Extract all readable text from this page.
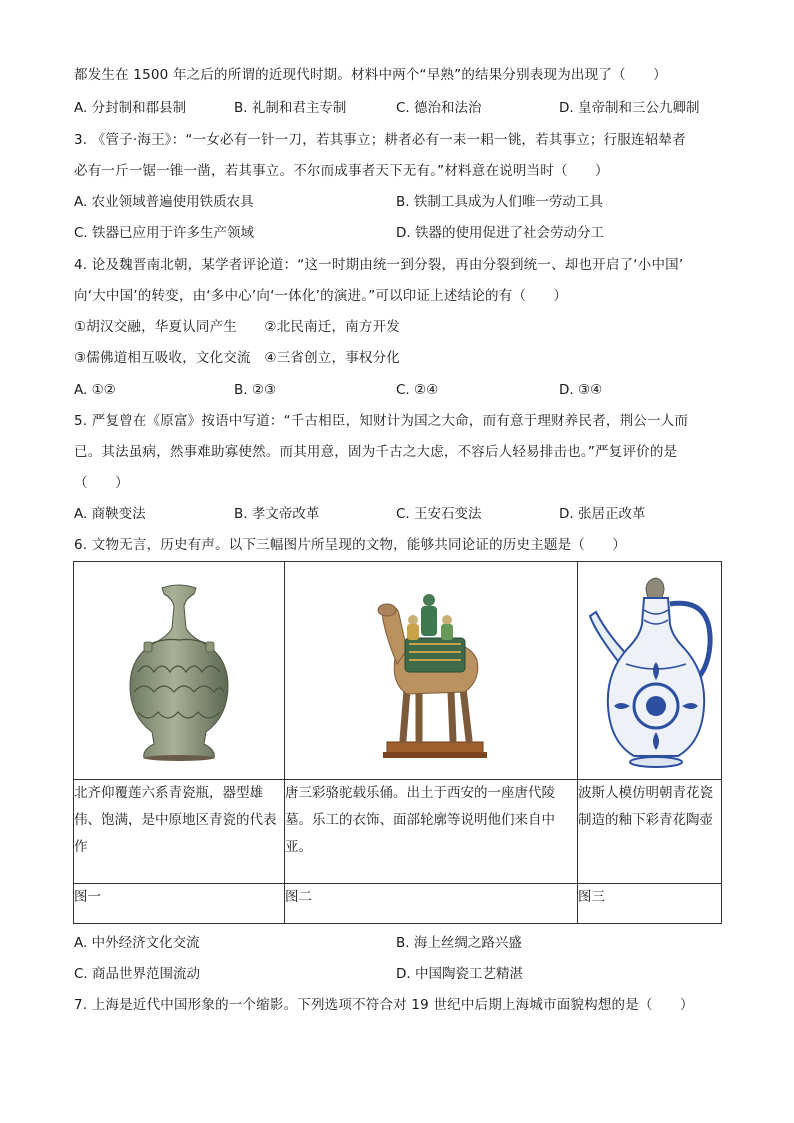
都发生在 1500 年之后的所谓的近现代时期。材料中两个“早熟”的结果分别表现为出现了（　　）
A. 分封制和郡县制	B. 礼制和君主专制	C. 德治和法治	D. 皇帝制和三公九卿制
3. 《管子·海王》：“一女必有一针一刀，若其事立；耕者必有一耒一耜一铫，若其事立；行服连轺辇者
必有一斤一锯一锥一凿，若其事立。不尔而成事者天下无有。”材料意在说明当时（　　）
A. 农业领域普遍使用铁质农具	B. 铁制工具成为人们唯一劳动工具
C. 铁器已应用于许多生产领域	D. 铁器的使用促进了社会劳动分工
4. 论及魏晋南北朝，某学者评论道：“这一时期由统一到分裂，再由分裂到统一、却也开启了‘小中国’
向‘大中国’的转变，由‘多中心’向‘一体化’的演进。”可以印证上述结论的有（　　）
①胡汉交融，华夏认同产生　　②北民南迁，南方开发
③儒佛道相互吸收，文化交流　④三省创立，事权分化
A. ①②	B. ②③	C. ②④	D. ③④
5. 严复曾在《原富》按语中写道：“千古相臣，知财计为国之大命，而有意于理财养民者，荆公一人而
已。其法虽病，然事难助寡使然。而其用意，固为千古之大虑，不容后人轻易排击也。”严复评价的是
（　　）
A. 商鞅变法	B. 孝文帝改革	C. 王安石变法	D. 张居正改革
6. 文物无言，历史有声。以下三幅图片所呈现的文物，能够共同论证的历史主题是（　　）

北齐仰覆莲六系青瓷瓶，器型雄伟、饱满，是中原地区青瓷的代表作	唐三彩骆驼载乐俑。出土于西安的一座唐代陵墓。乐工的衣饰、面部轮廓等说明他们来自中亚。	波斯人模仿明朝青花瓷制造的釉下彩青花陶壶

图一	图二	图三
A. 中外经济文化交流	B. 海上丝绸之路兴盛
C. 商品世界范围流动	D. 中国陶瓷工艺精湛
7. 上海是近代中国形象的一个缩影。下列选项不符合对 19 世纪中后期上海城市面貌构想的是（　　）
